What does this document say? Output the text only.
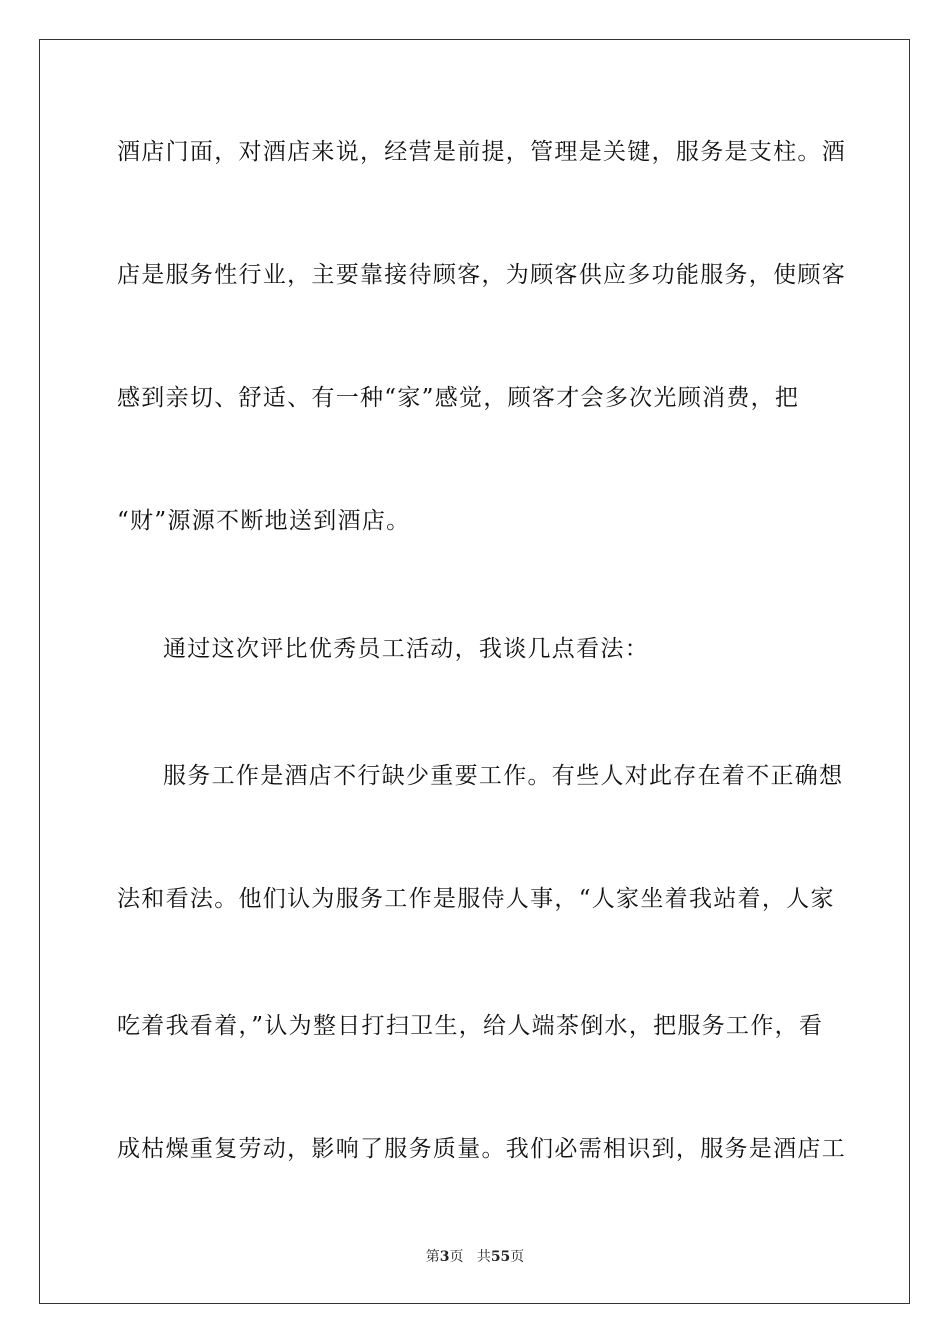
酒店门面，对酒店来说，经营是前提，管理是关键，服务是支柱。酒
店是服务性行业，主要靠接待顾客，为顾客供应多功能服务，使顾客
感到亲切、舒适、有一种“家”感觉，顾客才会多次光顾消费，把
“财”源源不断地送到酒店。
通过这次评比优秀员工活动，我谈几点看法：
服务工作是酒店不行缺少重要工作。有些人对此存在着不正确想
法和看法。他们认为服务工作是服侍人事，“人家坐着我站着，人家
吃着我看着，”认为整日打扫卫生，给人端茶倒水，把服务工作，看
成枯燥重复劳动，影响了服务质量。我们必需相识到，服务是酒店工
第3页 共55页
